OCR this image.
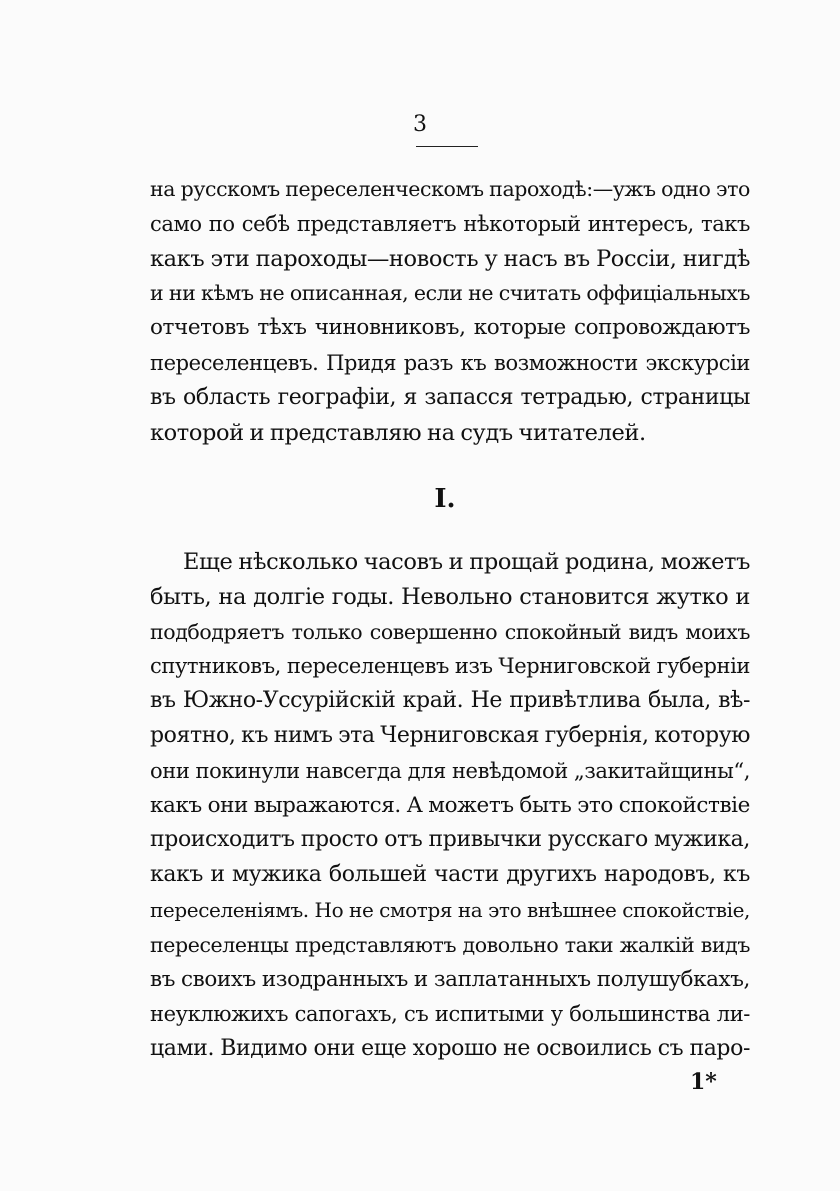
3
на русскомъ переселенческомъ пароходѣ:—ужъ одно это
само по себѣ представляетъ нѣкоторый интересъ, такъ
какъ эти пароходы—новость у насъ въ Россіи, нигдѣ
и ни кѣмъ не описанная, если не считать оффиціальныхъ
отчетовъ тѣхъ чиновниковъ, которые сопровождаютъ
переселенцевъ. Придя разъ къ возможности экскурсіи
въ область географіи, я запасся тетрадью, страницы
которой и представляю на судъ читателей.
I.
Еще нѣсколько часовъ и прощай родина, можетъ
быть, на долгіе годы. Невольно становится жутко и
подбодряетъ только совершенно спокойный видъ моихъ
спутниковъ, переселенцевъ изъ Черниговской губерніи
въ Южно-Уссурійскій край. Не привѣтлива была, вѣ-
роятно, къ нимъ эта Черниговская губернія, которую
они покинули навсегда для невѣдомой „закитайщины“,
какъ они выражаются. А можетъ быть это спокойствіе
происходитъ просто отъ привычки русскаго мужика,
какъ и мужика большей части другихъ народовъ, къ
переселеніямъ. Но не смотря на это внѣшнее спокойствіе,
переселенцы представляютъ довольно таки жалкій видъ
въ своихъ изодранныхъ и заплатанныхъ полушубкахъ,
неуклюжихъ сапогахъ, съ испитыми у большинства ли-
цами. Видимо они еще хорошо не освоились съ паро-
1*
